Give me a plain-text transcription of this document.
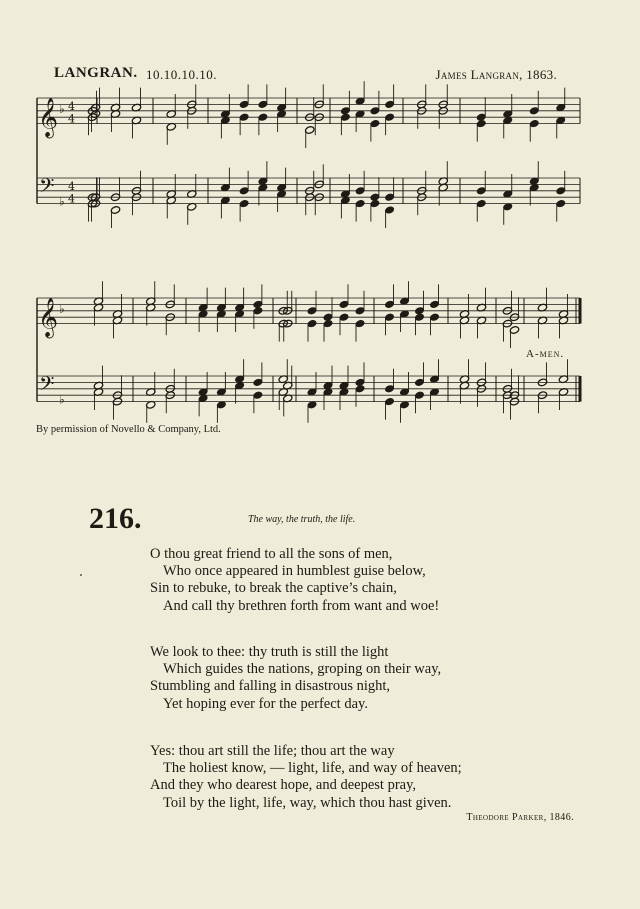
LANGRAN. 10.10.10.10.	James Langran, 1863.
𝄞
𝄢
♭
♭
4
4
4
4
𝄞
𝄢
♭
♭
A-men.
By permission of Novello & Company, Ltd.
216.	The way, the truth, the life.
O thou great friend to all the sons of men,
Who once appeared in humblest guise below,
Sin to rebuke, to break the captive’s chain,
And call thy brethren forth from want and woe!
We look to thee: thy truth is still the light
Which guides the nations, groping on their way,
Stumbling and falling in disastrous night,
Yet hoping ever for the perfect day.
Yes: thou art still the life; thou art the way
The holiest know, — light, life, and way of heaven;
And they who dearest hope, and deepest pray,
Toil by the light, life, way, which thou hast given.
Theodore Parker, 1846.
